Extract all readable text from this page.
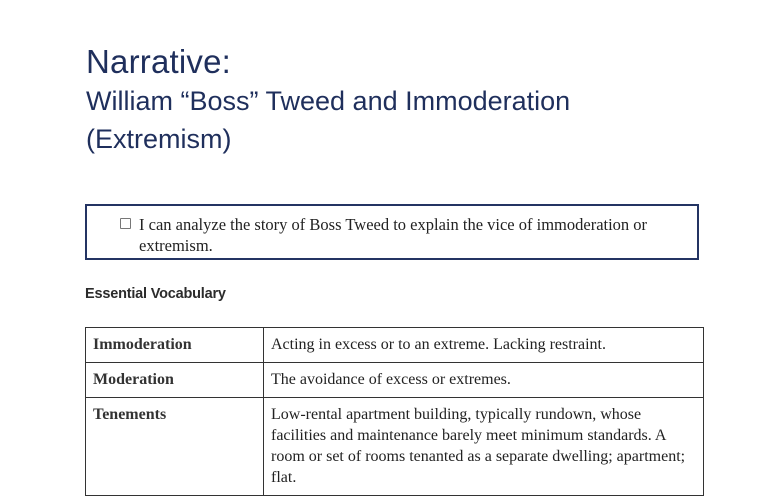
Narrative:
William “Boss” Tweed and Immoderation
(Extremism)
I can analyze the story of Boss Tweed to explain the vice of immoderation or extremism.
Essential Vocabulary
Immoderation	Acting in excess or to an extreme. Lacking restraint.
Moderation	The avoidance of excess or extremes.
Tenements	Low-rental apartment building, typically rundown, whose facilities and maintenance barely meet minimum standards. A room or set of rooms tenanted as a separate dwelling; apartment; flat.
